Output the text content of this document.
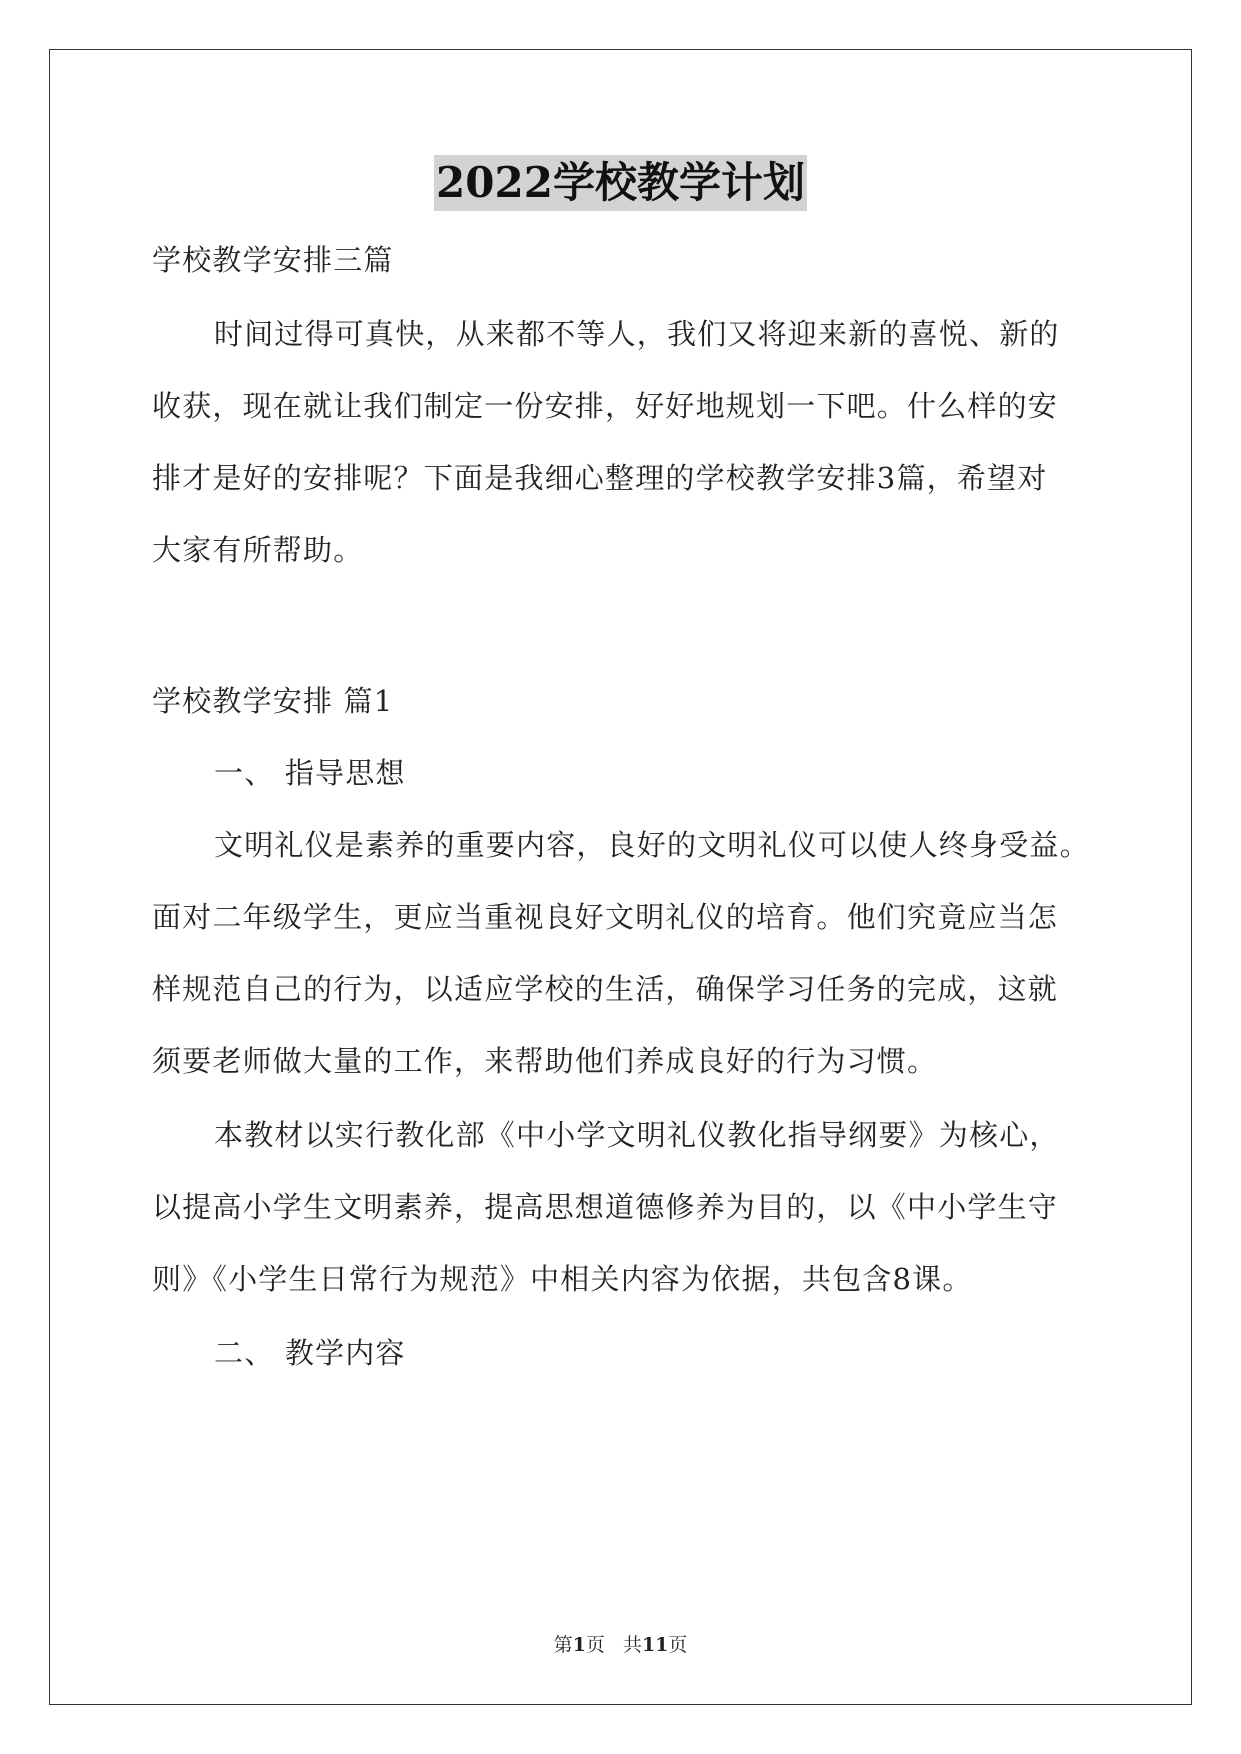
2022学校教学计划
学校教学安排三篇
时间过得可真快，从来都不等人，我们又将迎来新的喜悦、新的
收获，现在就让我们制定一份安排，好好地规划一下吧。什么样的安
排才是好的安排呢？下面是我细心整理的学校教学安排3篇，希望对
大家有所帮助。
学校教学安排 篇1
一、 指导思想
文明礼仪是素养的重要内容，良好的文明礼仪可以使人终身受益。
面对二年级学生，更应当重视良好文明礼仪的培育。他们究竟应当怎
样规范自己的行为，以适应学校的生活，确保学习任务的完成，这就
须要老师做大量的工作，来帮助他们养成良好的行为习惯。
本教材以实行教化部《中小学文明礼仪教化指导纲要》为核心，
以提高小学生文明素养，提高思想道德修养为目的，以《中小学生守
则》《小学生日常行为规范》中相关内容为依据，共包含8课。
二、 教学内容
第1页   共11页
